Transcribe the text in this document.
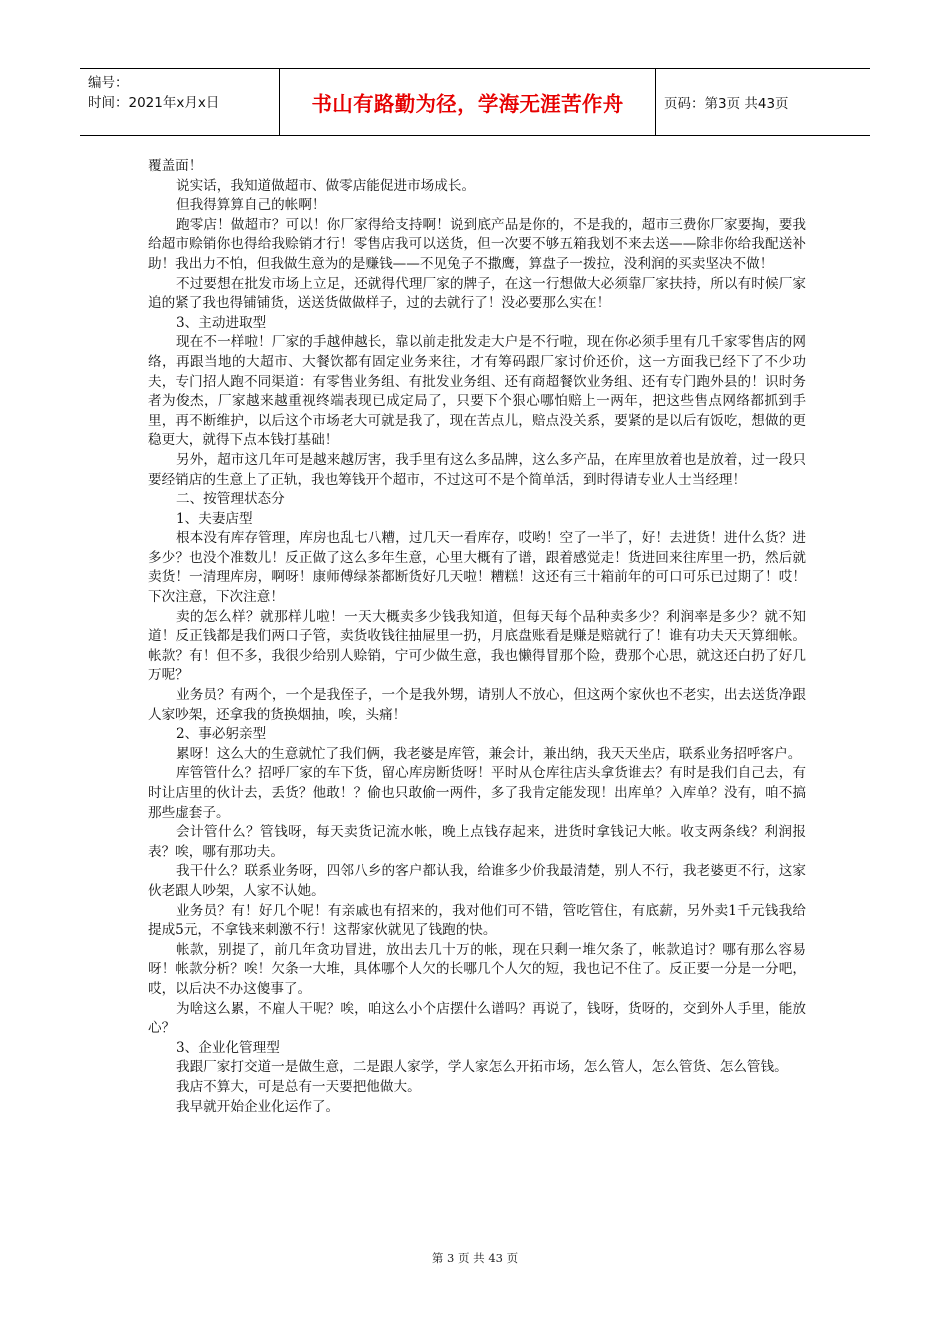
编号：
时间：2021年x月x日	书山有路勤为径，学海无涯苦作舟	页码：第3页 共43页

覆盖面！

说实话，我知道做超市、做零店能促进市场成长。

但我得算算自己的帐啊！

跑零店！做超市？可以！你厂家得给支持啊！说到底产品是你的，不是我的，超市三费你厂家要掏，要我给超市赊销你也得给我赊销才行！零售店我可以送货，但一次要不够五箱我划不来去送——除非你给我配送补助！我出力不怕，但我做生意为的是赚钱——不见兔子不撒鹰，算盘子一拨拉，没利润的买卖坚决不做！

不过要想在批发市场上立足，还就得代理厂家的牌子，在这一行想做大必须靠厂家扶持，所以有时候厂家追的紧了我也得铺铺货，送送货做做样子，过的去就行了！没必要那么实在！

3、主动进取型

现在不一样啦！厂家的手越伸越长，靠以前走批发走大户是不行啦，现在你必须手里有几千家零售店的网络，再跟当地的大超市、大餐饮都有固定业务来往，才有筹码跟厂家讨价还价，这一方面我已经下了不少功夫，专门招人跑不同渠道：有零售业务组、有批发业务组、还有商超餐饮业务组、还有专门跑外县的！识时务者为俊杰，厂家越来越重视终端表现已成定局了，只要下个狠心哪怕赔上一两年，把这些售点网络都抓到手里，再不断维护，以后这个市场老大可就是我了，现在苦点儿，赔点没关系，要紧的是以后有饭吃，想做的更稳更大，就得下点本钱打基础！

另外，超市这几年可是越来越厉害，我手里有这么多品牌，这么多产品，在库里放着也是放着，过一段只要经销店的生意上了正轨，我也筹钱开个超市，不过这可不是个简单活，到时得请专业人士当经理！

二、按管理状态分

1、夫妻店型

根本没有库存管理，库房也乱七八糟，过几天一看库存，哎哟！空了一半了，好！去进货！进什么货？进多少？也没个准数儿！反正做了这么多年生意，心里大概有了谱，跟着感觉走！货进回来往库里一扔，然后就卖货！一清理库房，啊呀！康师傅绿茶都断货好几天啦！糟糕！这还有三十箱前年的可口可乐已过期了！哎！下次注意，下次注意！

卖的怎么样？就那样儿啦！一天大概卖多少钱我知道，但每天每个品种卖多少？利润率是多少？就不知道！反正钱都是我们两口子管，卖货收钱往抽屉里一扔，月底盘账看是赚是赔就行了！谁有功夫天天算细帐。帐款？有！但不多，我很少给别人赊销，宁可少做生意，我也懒得冒那个险，费那个心思，就这还白扔了好几万呢？

业务员？有两个，一个是我侄子，一个是我外甥，请别人不放心，但这两个家伙也不老实，出去送货净跟人家吵架，还拿我的货换烟抽，唉，头痛！

2、事必躬亲型

累呀！这么大的生意就忙了我们俩，我老婆是库管，兼会计，兼出纳，我天天坐店，联系业务招呼客户。

库管管什么？招呼厂家的车下货，留心库房断货呀！平时从仓库往店头拿货谁去？有时是我们自己去，有时让店里的伙计去，丢货？他敢！？偷也只敢偷一两件，多了我肯定能发现！出库单？入库单？没有，咱不搞那些虚套子。

会计管什么？管钱呀，每天卖货记流水帐，晚上点钱存起来，进货时拿钱记大帐。收支两条线？利润报表？唉，哪有那功夫。

我干什么？联系业务呀，四邻八乡的客户都认我，给谁多少价我最清楚，别人不行，我老婆更不行，这家伙老跟人吵架，人家不认她。

业务员？有！好几个呢！有亲戚也有招来的，我对他们可不错，管吃管住，有底薪，另外卖1千元钱我给提成5元，不拿钱来刺激不行！这帮家伙就见了钱跑的快。

帐款，别提了，前几年贪功冒进，放出去几十万的帐，现在只剩一堆欠条了，帐款追讨？哪有那么容易呀！帐款分析？唉！欠条一大堆，具体哪个人欠的长哪几个人欠的短，我也记不住了。反正要一分是一分吧，哎，以后决不办这傻事了。

为啥这么累，不雇人干呢？唉，咱这么小个店摆什么谱吗？再说了，钱呀，货呀的，交到外人手里，能放心？

3、企业化管理型

我跟厂家打交道一是做生意，二是跟人家学，学人家怎么开拓市场，怎么管人，怎么管货、怎么管钱。

我店不算大，可是总有一天要把他做大。

我早就开始企业化运作了。

第 3 页 共 43 页
